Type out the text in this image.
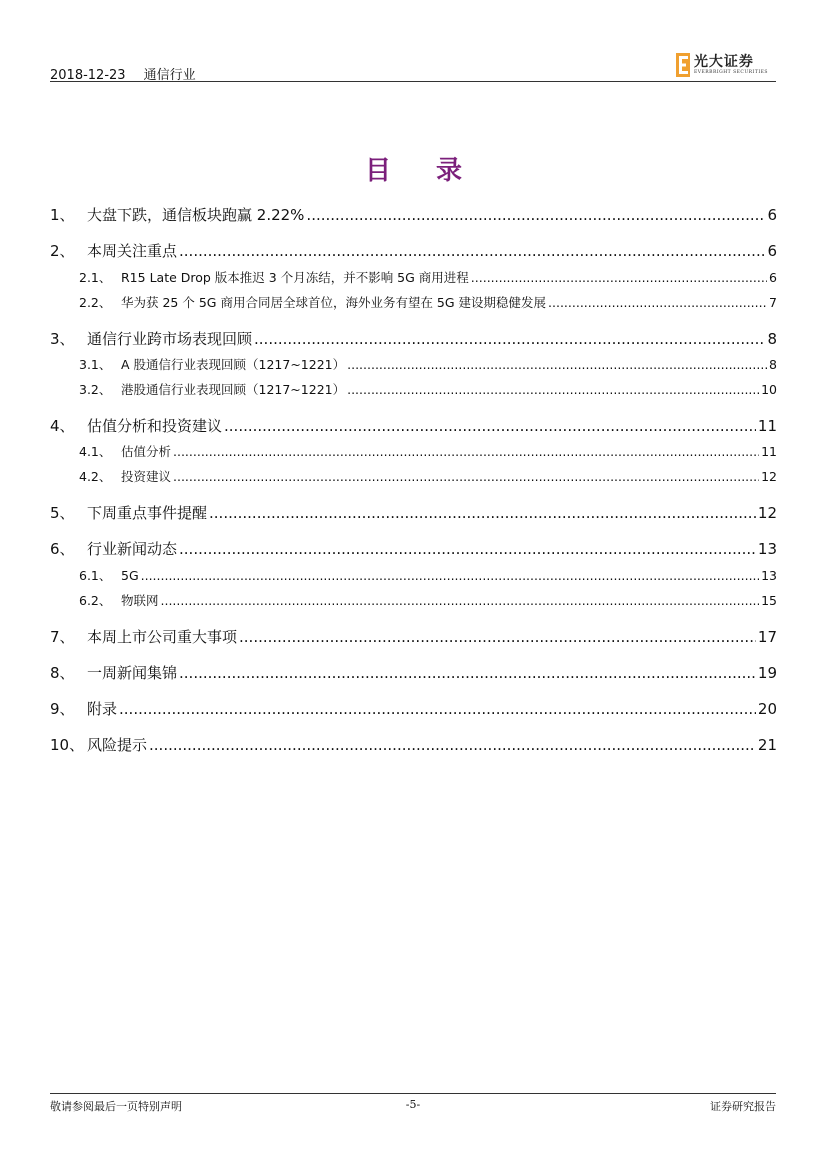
2018-12-23 通信行业
光大证券
EVERBRIGHT SECURITIES
目 录
1、 大盘下跌，通信板块跑赢 2.22% .....	6
2、 本周关注重点 .....	6
2.1、 R15 Late Drop 版本推迟 3 个月冻结，并不影响 5G 商用进程 .....	6
2.2、 华为获 25 个 5G 商用合同居全球首位，海外业务有望在 5G 建设期稳健发展 .....	7
3、 通信行业跨市场表现回顾 .....	8
3.1、 A 股通信行业表现回顾（1217~1221） .....	8
3.2、 港股通信行业表现回顾（1217~1221） .....	10
4、 估值分析和投资建议 .....	11
4.1、 估值分析 .....	11
4.2、 投资建议 .....	12
5、 下周重点事件提醒 .....	12
6、 行业新闻动态 .....	13
6.1、 5G .....	13
6.2、 物联网 .....	15
7、 本周上市公司重大事项 .....	17
8、 一周新闻集锦 .....	19
9、 附录 .....	20
10、 风险提示 .....	21
敬请参阅最后一页特别声明	-5-	证券研究报告
